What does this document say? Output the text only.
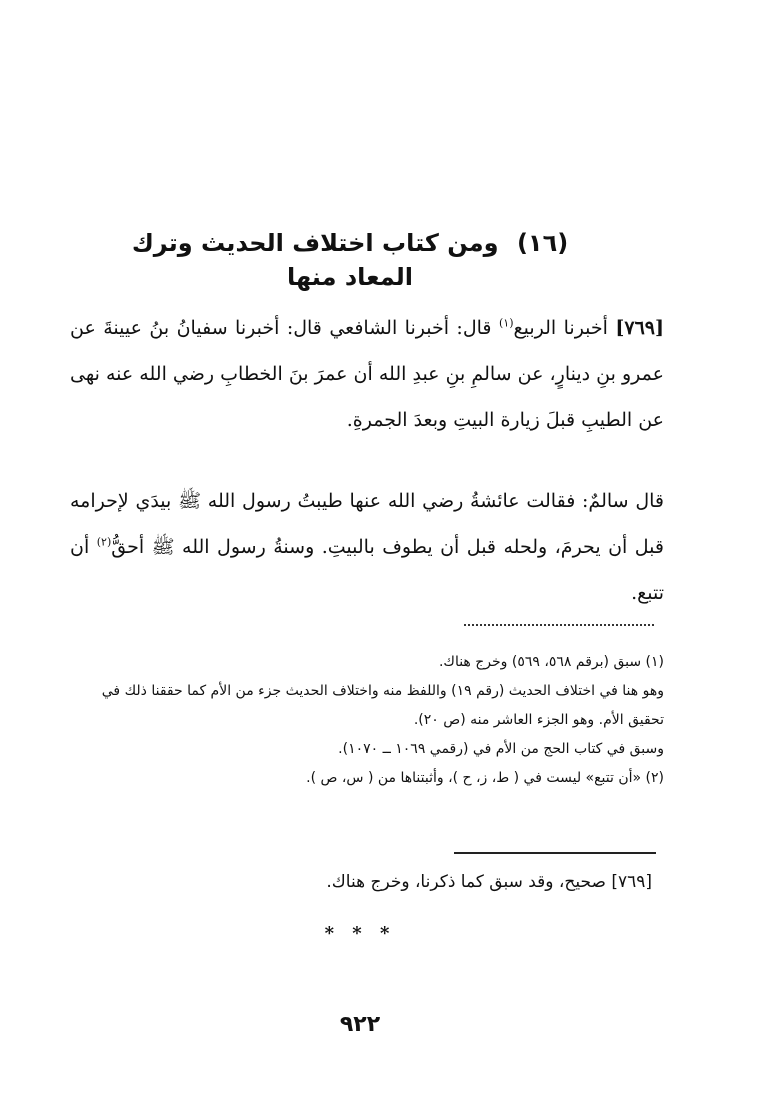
(١٦) ومن كتاب اختلاف الحديث وترك المعاد منها

[٧٦٩] أخبرنا الربيع$^{(١)}$ قال: أخبرنا الشافعي قال: أخبرنا سفيانُ بنُ عيينةَ عن عمرو بنِ دينارٍ، عن سالمِ بنِ عبدِ الله أن عمرَ بنَ الخطابِ رضي الله عنه نهى عن الطيبِ قبلَ زيارة البيتِ وبعدَ الجمرةِ.

قال سالمٌ: فقالت عائشةُ رضي الله عنها طيبتُ رسول الله ﷺ بيدَي لإحرامه قبل أن يحرمَ، ولحله قبل أن يطوف بالبيتِ. وسنةُ رسول الله ﷺ أحقُّ$^{(٢)}$ أن تتبع.

(١) سبق (برقم ٥٦٨، ٥٦٩) وخرج هناك.

وهو هنا في اختلاف الحديث (رقم ١٩) واللفظ منه واختلاف الحديث جزء من الأم كما حققنا ذلك في تحقيق الأم. وهو الجزء العاشر منه (ص ٢٠).

وسبق في كتاب الحج من الأم في (رقمي ١٠٦٩ ــ ١٠٧٠).

(٢) «أن تتبع» ليست في ( ط، ز، ح )، وأثبتناها من ( س، ص ).

[٧٦٩] صحيح، وقد سبق كما ذكرنا، وخرج هناك.

* * *
٩٢٢
